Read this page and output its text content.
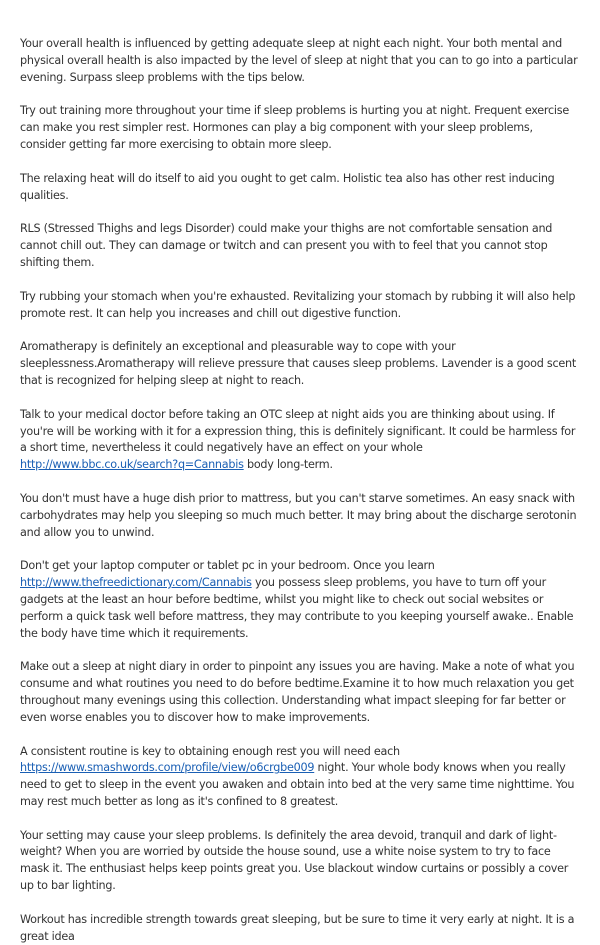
Your overall health is influenced by getting adequate sleep at night each night. Your both mental and physical overall health is also impacted by the level of sleep at night that you can to go into a particular evening. Surpass sleep problems with the tips below.

Try out training more throughout your time if sleep problems is hurting you at night. Frequent exercise can make you rest simpler rest. Hormones can play a big component with your sleep problems, consider getting far more exercising to obtain more sleep.

The relaxing heat will do itself to aid you ought to get calm. Holistic tea also has other rest inducing qualities.

RLS (Stressed Thighs and legs Disorder) could make your thighs are not comfortable sensation and cannot chill out. They can damage or twitch and can present you with to feel that you cannot stop shifting them.

Try rubbing your stomach when you're exhausted. Revitalizing your stomach by rubbing it will also help promote rest. It can help you increases and chill out digestive function.

Aromatherapy is definitely an exceptional and pleasurable way to cope with your sleeplessness.Aromatherapy will relieve pressure that causes sleep problems. Lavender is a good scent that is recognized for helping sleep at night to reach.

Talk to your medical doctor before taking an OTC sleep at night aids you are thinking about using. If you're will be working with it for a expression thing, this is definitely significant. It could be harmless for a short time, nevertheless it could negatively have an effect on your whole http://www.bbc.co.uk/search?q=Cannabis body long-term.

You don't must have a huge dish prior to mattress, but you can't starve sometimes. An easy snack with carbohydrates may help you sleeping so much much better. It may bring about the discharge serotonin and allow you to unwind.

Don't get your laptop computer or tablet pc in your bedroom. Once you learn http://www.thefreedictionary.com/Cannabis you possess sleep problems, you have to turn off your gadgets at the least an hour before bedtime, whilst you might like to check out social websites or perform a quick task well before mattress, they may contribute to you keeping yourself awake.. Enable the body have time which it requirements.

Make out a sleep at night diary in order to pinpoint any issues you are having. Make a note of what you consume and what routines you need to do before bedtime.Examine it to how much relaxation you get throughout many evenings using this collection. Understanding what impact sleeping for far better or even worse enables you to discover how to make improvements.

A consistent routine is key to obtaining enough rest you will need each https://www.smashwords.com/profile/view/o6crgbe009 night. Your whole body knows when you really need to get to sleep in the event you awaken and obtain into bed at the very same time nighttime. You may rest much better as long as it's confined to 8 greatest.

Your setting may cause your sleep problems. Is definitely the area devoid, tranquil and dark of light-weight? When you are worried by outside the house sound, use a white noise system to try to face mask it. The enthusiast helps keep points great you. Use blackout window curtains or possibly a cover up to bar lighting.

Workout has incredible strength towards great sleeping, but be sure to time it very early at night. It is a great idea
